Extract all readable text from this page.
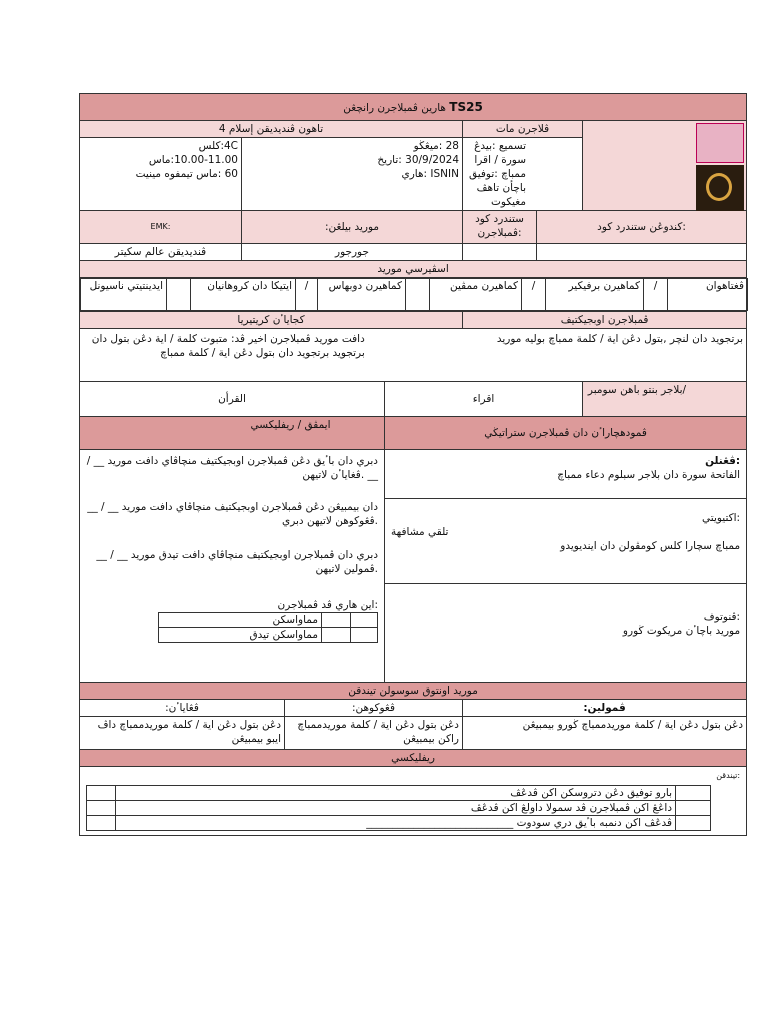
هارين ڤمبلاجرن رانچڠن TS25
4 تاهون ڤنديديقن إسلام	ڤلاجرن مات	

4C:كلس
10.00-11.00:ماس
60 :ماس تيمفوه مينيت

28 :ميڠڬو
30/9/2024 :تاريخ
ISNIN :هاري

تسميع :بيدڠ
سورة / اقرا ممباچ :توفيق
باچأن تاهڤ مغيكوت

EMK:	:موريد بيلڠن	ستندرد كود ڤمبلاجرن:	كندوڠن ستندرد كود:
ڤنديديقن عالم سكيتر	جورجور		
اسڤيرسي موريد

ايدينتيتي ناسيونل		ايتيكا دان كروهانيان	/	كماهيرن دوبهاس		كماهيرن ممڤين	/	كماهيرن برفيكير	/	ڤغتاهوان

كجاياٴن كريتيريا	ڤمبلاجرن اوبجيكتيف

دافت موريد ڤمبلاجرن اخير ڤد: متبوت كلمة / اية دڠن بتول دان برتجويد برتجويد دان بتول دڠن اية / كلمة ممباچ
برتجويد دان لنچر ,بتول دڠن اية / كلمة ممباچ بوليه موريد

القرأن	اقراء	/بلاجر بنتو باهن سومبر
ايمڤق / ريفليكسي	ڤمودهچاراٴن دان ڤمبلاجرن ستراتيڬي

دبري دان باٴيق دڠن ڤمبلاجرن اوبجيكتيف منچاڤاي دافت موريد __ / __ .ڤغاياٴن لاتيهن
دان بيمبيڠن دڠن ڤمبلاجرن اوبجيكتيف منچاڤاي دافت موريد __ / __ .ڤڠوكوهن لاتيهن دبري
دبري دان ڤمبلاجرن اوبجيكتيف منچاڤاي دافت تيدق موريد __ / __ .ڤمولين لاتيهن
:اين هاري ڤد ڤمبلاجرن
		مماواسكن
		مماواسكن تيدق

:ڤڠنلن
الفاتحة سورة دان بلاجر سبلوم دعاء ممباچ

:اكتيويتي
تلقي مشافهة
ممباچ سچارا كلس كومڤولن دان اينديويدو

:ڤنوتوف
موريد باچاٴن مريكوت ڬورو

موريد اونتوق سوسولن تيندقن
:ڤڠاياٴن	:ڤڠوكوهن	:ڤمولين
دڠن بتول دڠن اية / كلمة موريدممباچ داڤ ايبو بيمبيڠن	دڠن بتول دڠن اية / كلمة موريدممباچ راكن بيمبيڠن	دڠن بتول دڠن اية / كلمة موريدممباچ ڬورو بيمبيڠن
ريفليكسي

:تيندقن
	بارو توفيق دڠن دتروسكن اكن ڤدڠڤ	
	داڠڠ اكن ڤمبلاجرن ڤد سمولا داولڠ اكن ڤدڠڤ	
	ڤدڠڤ اكن دنمبه باٴيق دري سودوت ____________________________	
